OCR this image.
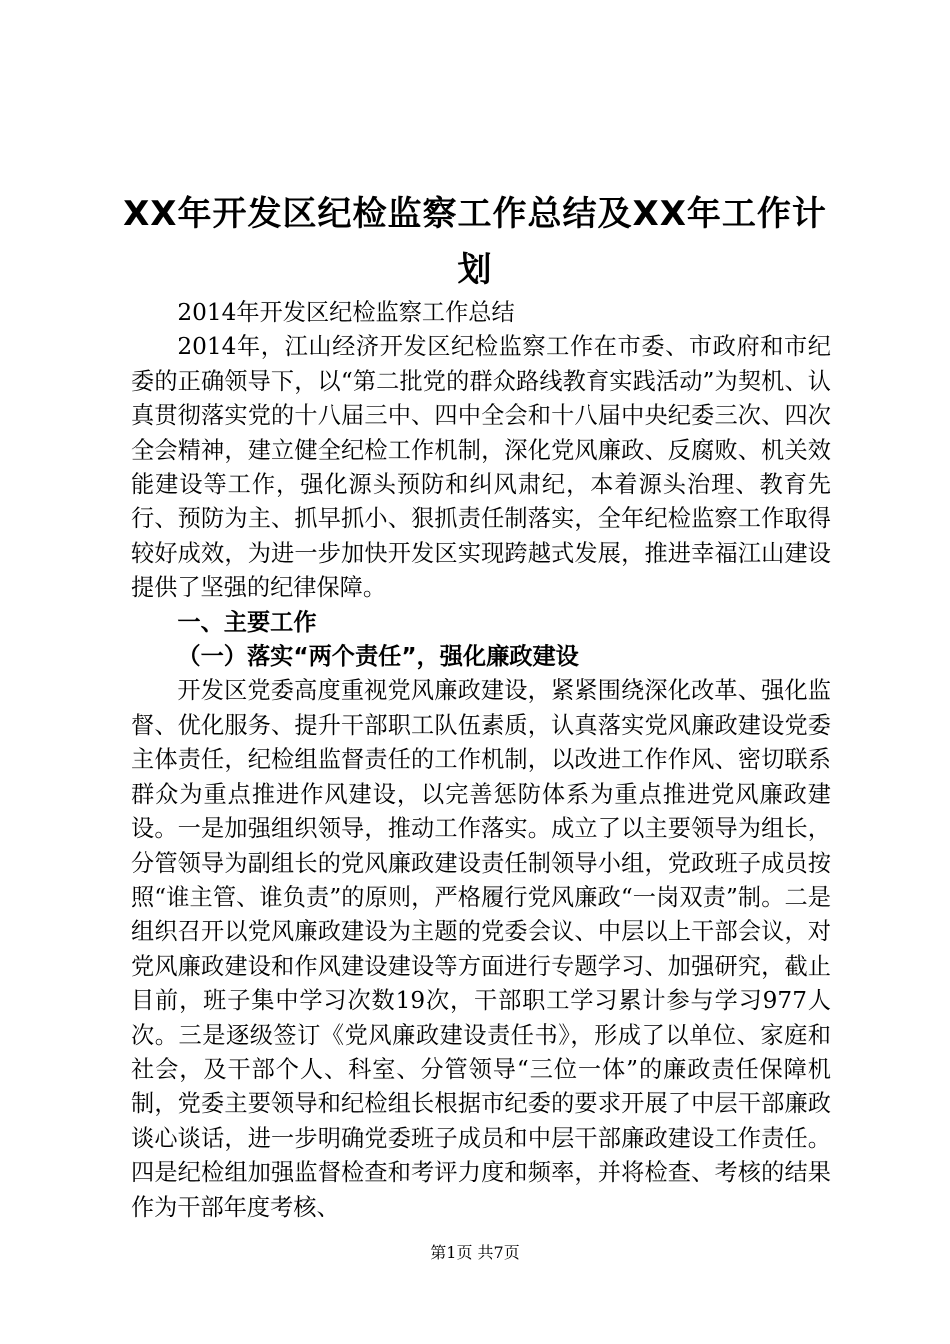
XX年开发区纪检监察工作总结及XX年工作计划

2014年开发区纪检监察工作总结

2014年，江山经济开发区纪检监察工作在市委、市政府和市纪委的正确领导下，以“第二批党的群众路线教育实践活动”为契机、认真贯彻落实党的十八届三中、四中全会和十八届中央纪委三次、四次全会精神，建立健全纪检工作机制，深化党风廉政、反腐败、机关效能建设等工作，强化源头预防和纠风肃纪，本着源头治理、教育先行、预防为主、抓早抓小、狠抓责任制落实，全年纪检监察工作取得较好成效，为进一步加快开发区实现跨越式发展，推进幸福江山建设提供了坚强的纪律保障。

一、主要工作

（一）落实“两个责任”，强化廉政建设

开发区党委高度重视党风廉政建设，紧紧围绕深化改革、强化监督、优化服务、提升干部职工队伍素质，认真落实党风廉政建设党委主体责任，纪检组监督责任的工作机制，以改进工作作风、密切联系群众为重点推进作风建设，以完善惩防体系为重点推进党风廉政建设。一是加强组织领导，推动工作落实。成立了以主要领导为组长，分管领导为副组长的党风廉政建设责任制领导小组，党政班子成员按照“谁主管、谁负责”的原则，严格履行党风廉政“一岗双责”制。二是组织召开以党风廉政建设为主题的党委会议、中层以上干部会议，对党风廉政建设和作风建设建设等方面进行专题学习、加强研究，截止目前，班子集中学习次数19次，干部职工学习累计参与学习977人次。三是逐级签订《党风廉政建设责任书》，形成了以单位、家庭和社会，及干部个人、科室、分管领导“三位一体”的廉政责任保障机制，党委主要领导和纪检组长根据市纪委的要求开展了中层干部廉政谈心谈话，进一步明确党委班子成员和中层干部廉政建设工作责任。四是纪检组加强监督检查和考评力度和频率，并将检查、考核的结果作为干部年度考核、

第1页 共7页
